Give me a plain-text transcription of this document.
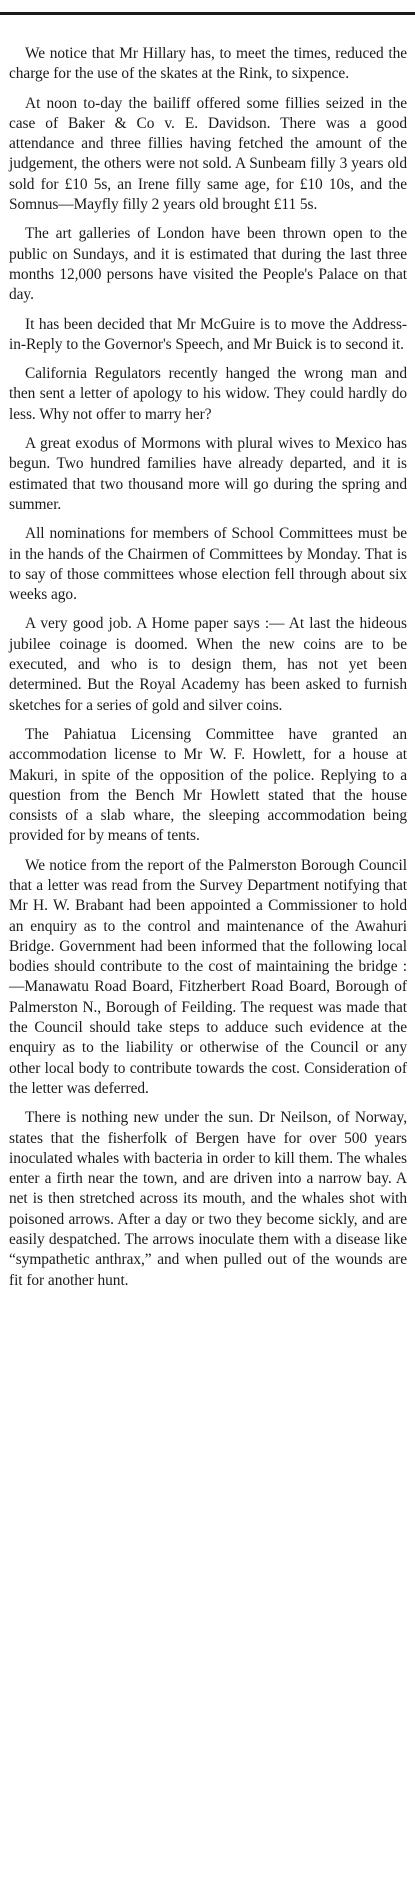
We notice that Mr Hillary has, to meet the times, reduced the charge for the use of the skates at the Rink, to sixpence.

At noon to-day the bailiff offered some fillies seized in the case of Baker & Co v. E. Davidson. There was a good attendance and three fillies having fetched the amount of the judgement, the others were not sold. A Sunbeam filly 3 years old sold for £10 5s, an Irene filly same age, for £10 10s, and the Somnus—Mayfly filly 2 years old brought £11 5s.

The art galleries of London have been thrown open to the public on Sundays, and it is estimated that during the last three months 12,000 persons have visited the People's Palace on that day.

It has been decided that Mr McGuire is to move the Address-in-Reply to the Governor's Speech, and Mr Buick is to second it.

California Regulators recently hanged the wrong man and then sent a letter of apology to his widow. They could hardly do less. Why not offer to marry her?

A great exodus of Mormons with plural wives to Mexico has begun. Two hundred families have already departed, and it is estimated that two thousand more will go during the spring and summer.

All nominations for members of School Committees must be in the hands of the Chairmen of Committees by Monday. That is to say of those committees whose election fell through about six weeks ago.

A very good job. A Home paper says :— At last the hideous jubilee coinage is doomed. When the new coins are to be executed, and who is to design them, has not yet been determined. But the Royal Academy has been asked to furnish sketches for a series of gold and silver coins.

The Pahiatua Licensing Committee have granted an accommodation license to Mr W. F. Howlett, for a house at Makuri, in spite of the opposition of the police. Replying to a question from the Bench Mr Howlett stated that the house consists of a slab whare, the sleeping accommodation being provided for by means of tents.

We notice from the report of the Palmerston Borough Council that a letter was read from the Survey Department notifying that Mr H. W. Brabant had been appointed a Commissioner to hold an enquiry as to the control and maintenance of the Awahuri Bridge. Government had been informed that the following local bodies should contribute to the cost of maintaining the bridge :—Manawatu Road Board, Fitzherbert Road Board, Borough of Palmerston N., Borough of Feilding. The request was made that the Council should take steps to adduce such evidence at the enquiry as to the liability or otherwise of the Council or any other local body to contribute towards the cost. Consideration of the letter was deferred.

There is nothing new under the sun. Dr Neilson, of Norway, states that the fisherfolk of Bergen have for over 500 years inoculated whales with bacteria in order to kill them. The whales enter a firth near the town, and are driven into a narrow bay. A net is then stretched across its mouth, and the whales shot with poisoned arrows. After a day or two they become sickly, and are easily despatched. The arrows inoculate them with a disease like “sympathetic anthrax,” and when pulled out of the wounds are fit for another hunt.
